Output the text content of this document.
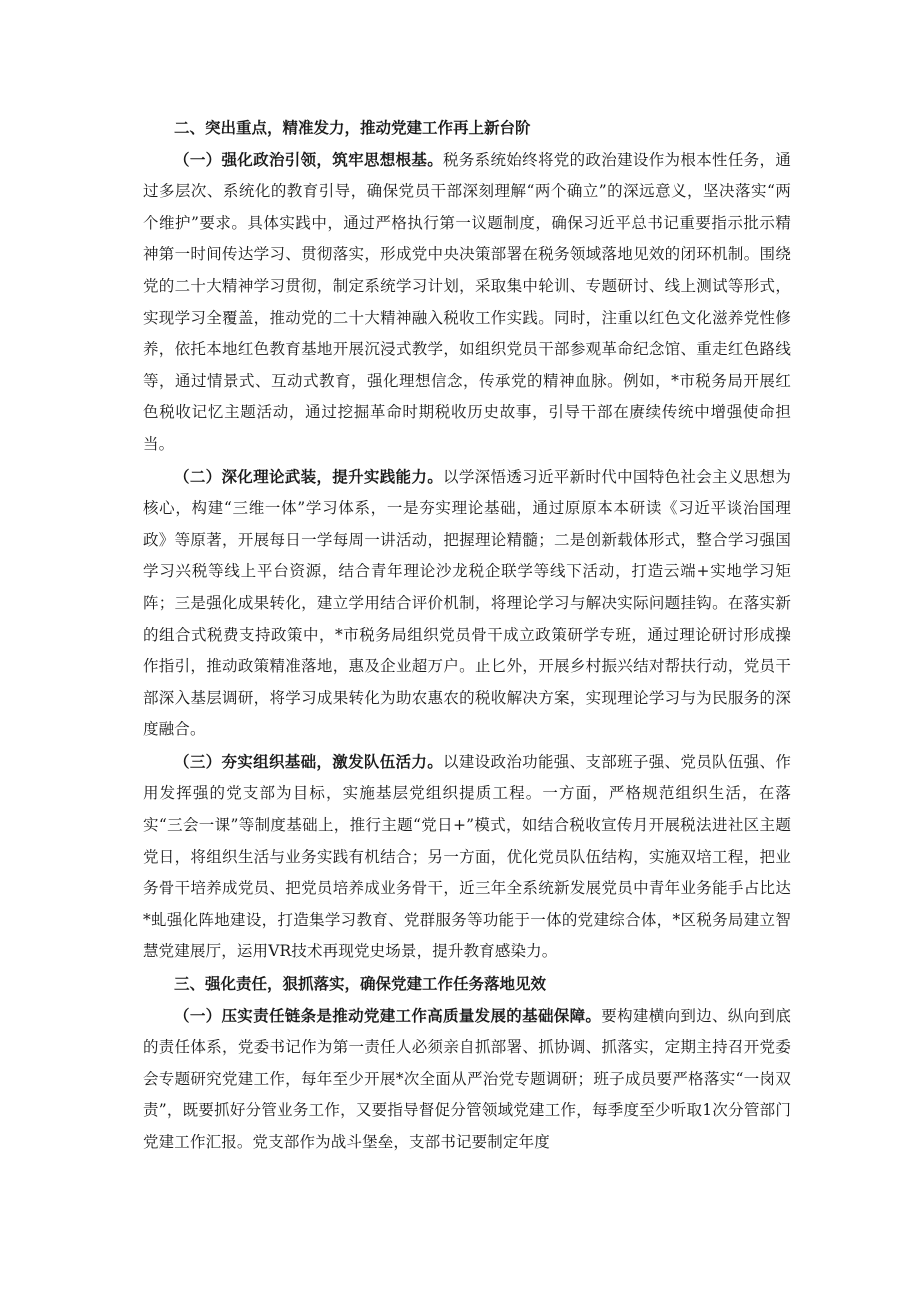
二、突出重点，精准发力，推动党建工作再上新台阶

（一）强化政治引领，筑牢思想根基。税务系统始终将党的政治建设作为根本性任务，通过多层次、系统化的教育引导，确保党员干部深刻理解“两个确立”的深远意义，坚决落实“两个维护”要求。具体实践中，通过严格执行第一议题制度，确保习近平总书记重要指示批示精神第一时间传达学习、贯彻落实，形成党中央决策部署在税务领域落地见效的闭环机制。围绕党的二十大精神学习贯彻，制定系统学习计划，采取集中轮训、专题研讨、线上测试等形式，实现学习全覆盖，推动党的二十大精神融入税收工作实践。同时，注重以红色文化滋养党性修养，依托本地红色教育基地开展沉浸式教学，如组织党员干部参观革命纪念馆、重走红色路线等，通过情景式、互动式教育，强化理想信念，传承党的精神血脉。例如，*市税务局开展红色税收记忆主题活动，通过挖掘革命时期税收历史故事，引导干部在赓续传统中增强使命担当。

（二）深化理论武装，提升实践能力。以学深悟透习近平新时代中国特色社会主义思想为核心，构建“三维一体”学习体系，一是夯实理论基础，通过原原本本研读《习近平谈治国理政》等原著，开展每日一学每周一讲活动，把握理论精髓；二是创新载体形式，整合学习强国学习兴税等线上平台资源，结合青年理论沙龙税企联学等线下活动，打造云端+实地学习矩阵；三是强化成果转化，建立学用结合评价机制，将理论学习与解决实际问题挂钩。在落实新的组合式税费支持政策中，*市税务局组织党员骨干成立政策研学专班，通过理论研讨形成操作指引，推动政策精准落地，惠及企业超万户。止匕外，开展乡村振兴结对帮扶行动，党员干部深入基层调研，将学习成果转化为助农惠农的税收解决方案，实现理论学习与为民服务的深度融合。

（三）夯实组织基础，激发队伍活力。以建设政治功能强、支部班子强、党员队伍强、作用发挥强的党支部为目标，实施基层党组织提质工程。一方面，严格规范组织生活，在落实“三会一课”等制度基础上，推行主题“党日+”模式，如结合税收宣传月开展税法进社区主题党日，将组织生活与业务实践有机结合；另一方面，优化党员队伍结构，实施双培工程，把业务骨干培养成党员、把党员培养成业务骨干，近三年全系统新发展党员中青年业务能手占比达*虬强化阵地建设，打造集学习教育、党群服务等功能于一体的党建综合体，*区税务局建立智慧党建展厅，运用VR技术再现党史场景，提升教育感染力。

三、强化责任，狠抓落实，确保党建工作任务落地见效

（一）压实责任链条是推动党建工作高质量发展的基础保障。要构建横向到边、纵向到底的责任体系，党委书记作为第一责任人必须亲自抓部署、抓协调、抓落实，定期主持召开党委会专题研究党建工作，每年至少开展*次全面从严治党专题调研；班子成员要严格落实“一岗双责”，既要抓好分管业务工作，又要指导督促分管领域党建工作，每季度至少听取1次分管部门党建工作汇报。党支部作为战斗堡垒，支部书记要制定年度
